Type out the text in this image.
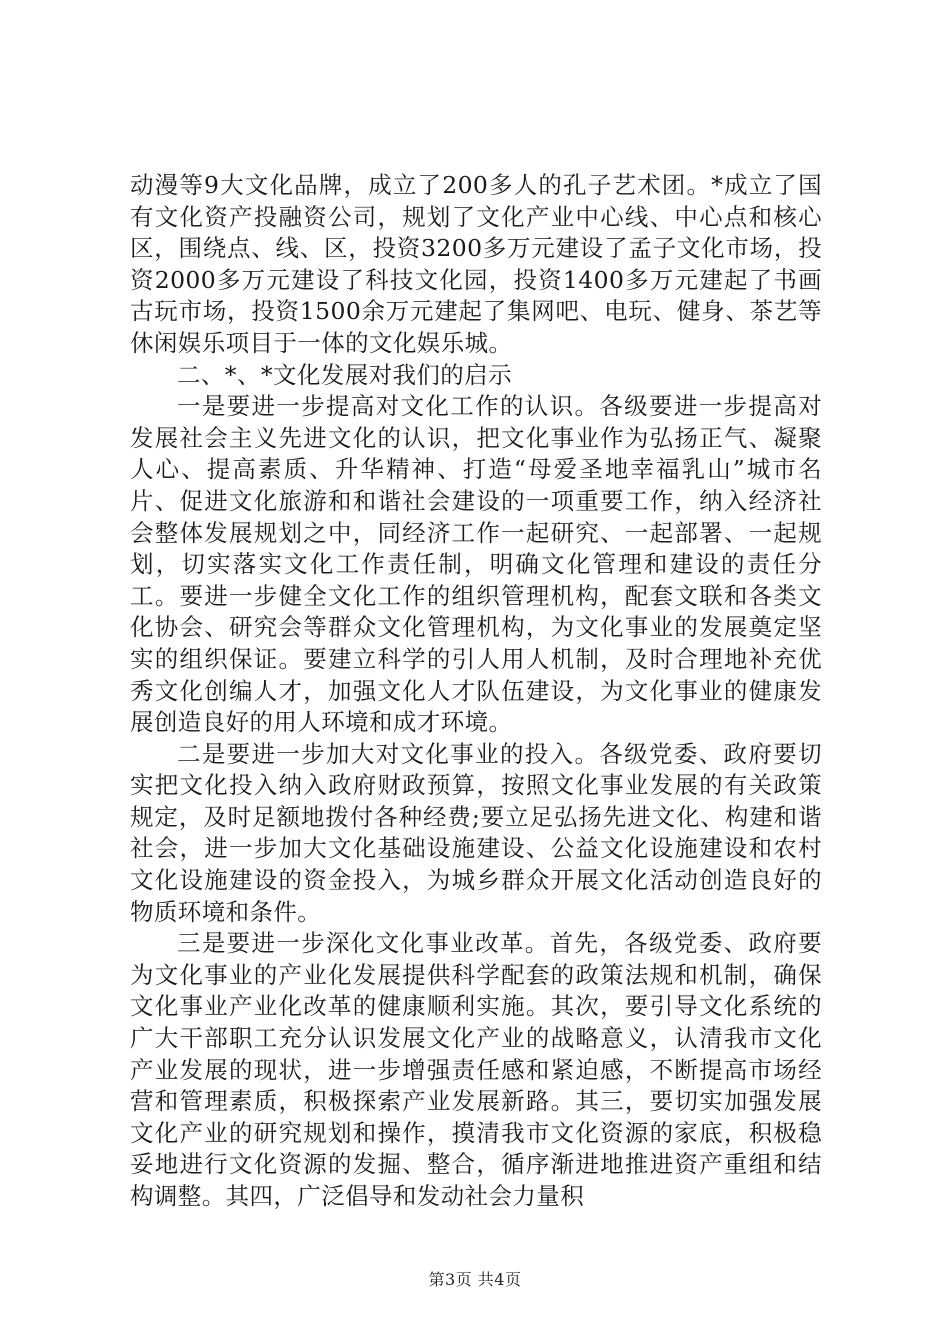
动漫等9大文化品牌，成立了200多人的孔子艺术团。*成立了国有文化资产投融资公司，规划了文化产业中心线、中心点和核心区，围绕点、线、区，投资3200多万元建设了孟子文化市场，投资2000多万元建设了科技文化园，投资1400多万元建起了书画古玩市场，投资1500余万元建起了集网吧、电玩、健身、茶艺等休闲娱乐项目于一体的文化娱乐城。

二、*、*文化发展对我们的启示

一是要进一步提高对文化工作的认识。各级要进一步提高对发展社会主义先进文化的认识，把文化事业作为弘扬正气、凝聚人心、提高素质、升华精神、打造“母爱圣地幸福乳山”城市名片、促进文化旅游和和谐社会建设的一项重要工作，纳入经济社会整体发展规划之中，同经济工作一起研究、一起部署、一起规划，切实落实文化工作责任制，明确文化管理和建设的责任分工。要进一步健全文化工作的组织管理机构，配套文联和各类文化协会、研究会等群众文化管理机构，为文化事业的发展奠定坚实的组织保证。要建立科学的引人用人机制，及时合理地补充优秀文化创编人才，加强文化人才队伍建设，为文化事业的健康发展创造良好的用人环境和成才环境。

二是要进一步加大对文化事业的投入。各级党委、政府要切实把文化投入纳入政府财政预算，按照文化事业发展的有关政策规定，及时足额地拨付各种经费;要立足弘扬先进文化、构建和谐社会，进一步加大文化基础设施建设、公益文化设施建设和农村文化设施建设的资金投入，为城乡群众开展文化活动创造良好的物质环境和条件。

三是要进一步深化文化事业改革。首先，各级党委、政府要为文化事业的产业化发展提供科学配套的政策法规和机制，确保文化事业产业化改革的健康顺利实施。其次，要引导文化系统的广大干部职工充分认识发展文化产业的战略意义，认清我市文化产业发展的现状，进一步增强责任感和紧迫感，不断提高市场经营和管理素质，积极探索产业发展新路。其三，要切实加强发展文化产业的研究规划和操作，摸清我市文化资源的家底，积极稳妥地进行文化资源的发掘、整合，循序渐进地推进资产重组和结构调整。其四，广泛倡导和发动社会力量积

第3页 共4页
